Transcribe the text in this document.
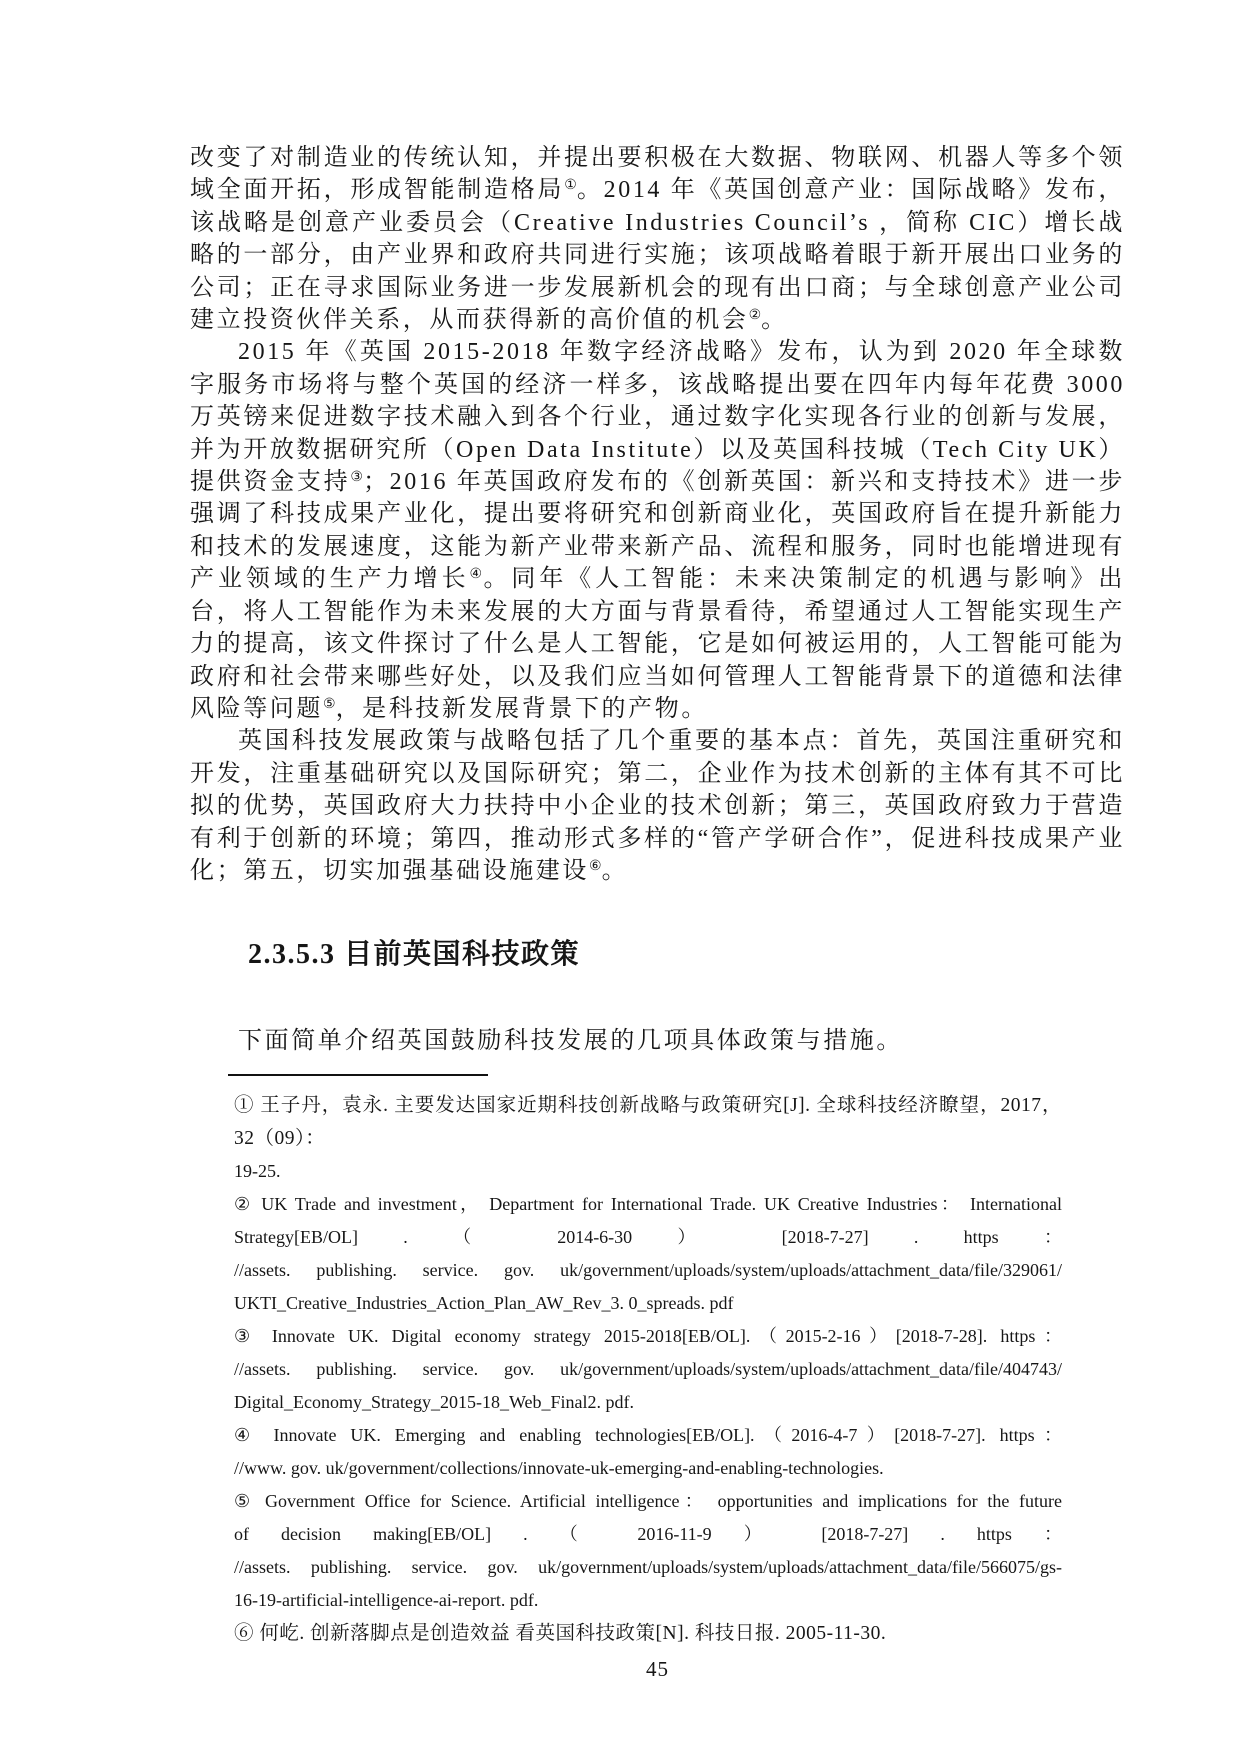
改变了对制造业的传统认知，并提出要积极在大数据、物联网、机器人等多个领域全面开拓，形成智能制造格局①。2014 年《英国创意产业：国际战略》发布，该战略是创意产业委员会（Creative Industries Council’s ，简称 CIC）增长战略的一部分，由产业界和政府共同进行实施；该项战略着眼于新开展出口业务的公司；正在寻求国际业务进一步发展新机会的现有出口商；与全球创意产业公司建立投资伙伴关系，从而获得新的高价值的机会②。

2015 年《英国 2015-2018 年数字经济战略》发布，认为到 2020 年全球数字服务市场将与整个英国的经济一样多，该战略提出要在四年内每年花费 3000 万英镑来促进数字技术融入到各个行业，通过数字化实现各行业的创新与发展，并为开放数据研究所（Open Data Institute）以及英国科技城（Tech City UK）提供资金支持③；2016 年英国政府发布的《创新英国：新兴和支持技术》进一步强调了科技成果产业化，提出要将研究和创新商业化，英国政府旨在提升新能力和技术的发展速度，这能为新产业带来新产品、流程和服务，同时也能增进现有产业领域的生产力增长④。同年《人工智能：未来决策制定的机遇与影响》出台，将人工智能作为未来发展的大方面与背景看待，希望通过人工智能实现生产力的提高，该文件探讨了什么是人工智能，它是如何被运用的，人工智能可能为政府和社会带来哪些好处，以及我们应当如何管理人工智能背景下的道德和法律风险等问题⑤，是科技新发展背景下的产物。

英国科技发展政策与战略包括了几个重要的基本点：首先，英国注重研究和开发，注重基础研究以及国际研究；第二，企业作为技术创新的主体有其不可比拟的优势，英国政府大力扶持中小企业的技术创新；第三，英国政府致力于营造有利于创新的环境；第四，推动形式多样的“管产学研合作”，促进科技成果产业化；第五，切实加强基础设施建设⑥。

2.3.5.3 目前英国科技政策

下面简单介绍英国鼓励科技发展的几项具体政策与措施。

① 王子丹，袁永. 主要发达国家近期科技创新战略与政策研究[J]. 全球科技经济瞭望，2017，32（09）：
19-25.
② UK Trade and investment， Department for International Trade. UK Creative Industries： International
Strategy[EB/OL] . （ 2014-6-30 ） [2018-7-27] . https ：
//assets. publishing. service. gov. uk/government/uploads/system/uploads/attachment_data/file/329061/
UKTI_Creative_Industries_Action_Plan_AW_Rev_3. 0_spreads. pdf
③ Innovate UK. Digital economy strategy 2015-2018[EB/OL].（2015-2-16）[2018-7-28]. https：
//assets. publishing. service. gov. uk/government/uploads/system/uploads/attachment_data/file/404743/
Digital_Economy_Strategy_2015-18_Web_Final2. pdf.
④ Innovate UK. Emerging and enabling technologies[EB/OL].（2016-4-7）[2018-7-27]. https：
//www. gov. uk/government/collections/innovate-uk-emerging-and-enabling-technologies.
⑤ Government Office for Science. Artificial intelligence： opportunities and implications for the future
of decision making[EB/OL] . （ 2016-11-9 ） [2018-7-27] . https ：
//assets. publishing. service. gov. uk/government/uploads/system/uploads/attachment_data/file/566075/gs-
16-19-artificial-intelligence-ai-report. pdf.
⑥ 何屹. 创新落脚点是创造效益 看英国科技政策[N]. 科技日报. 2005-11-30.
45
